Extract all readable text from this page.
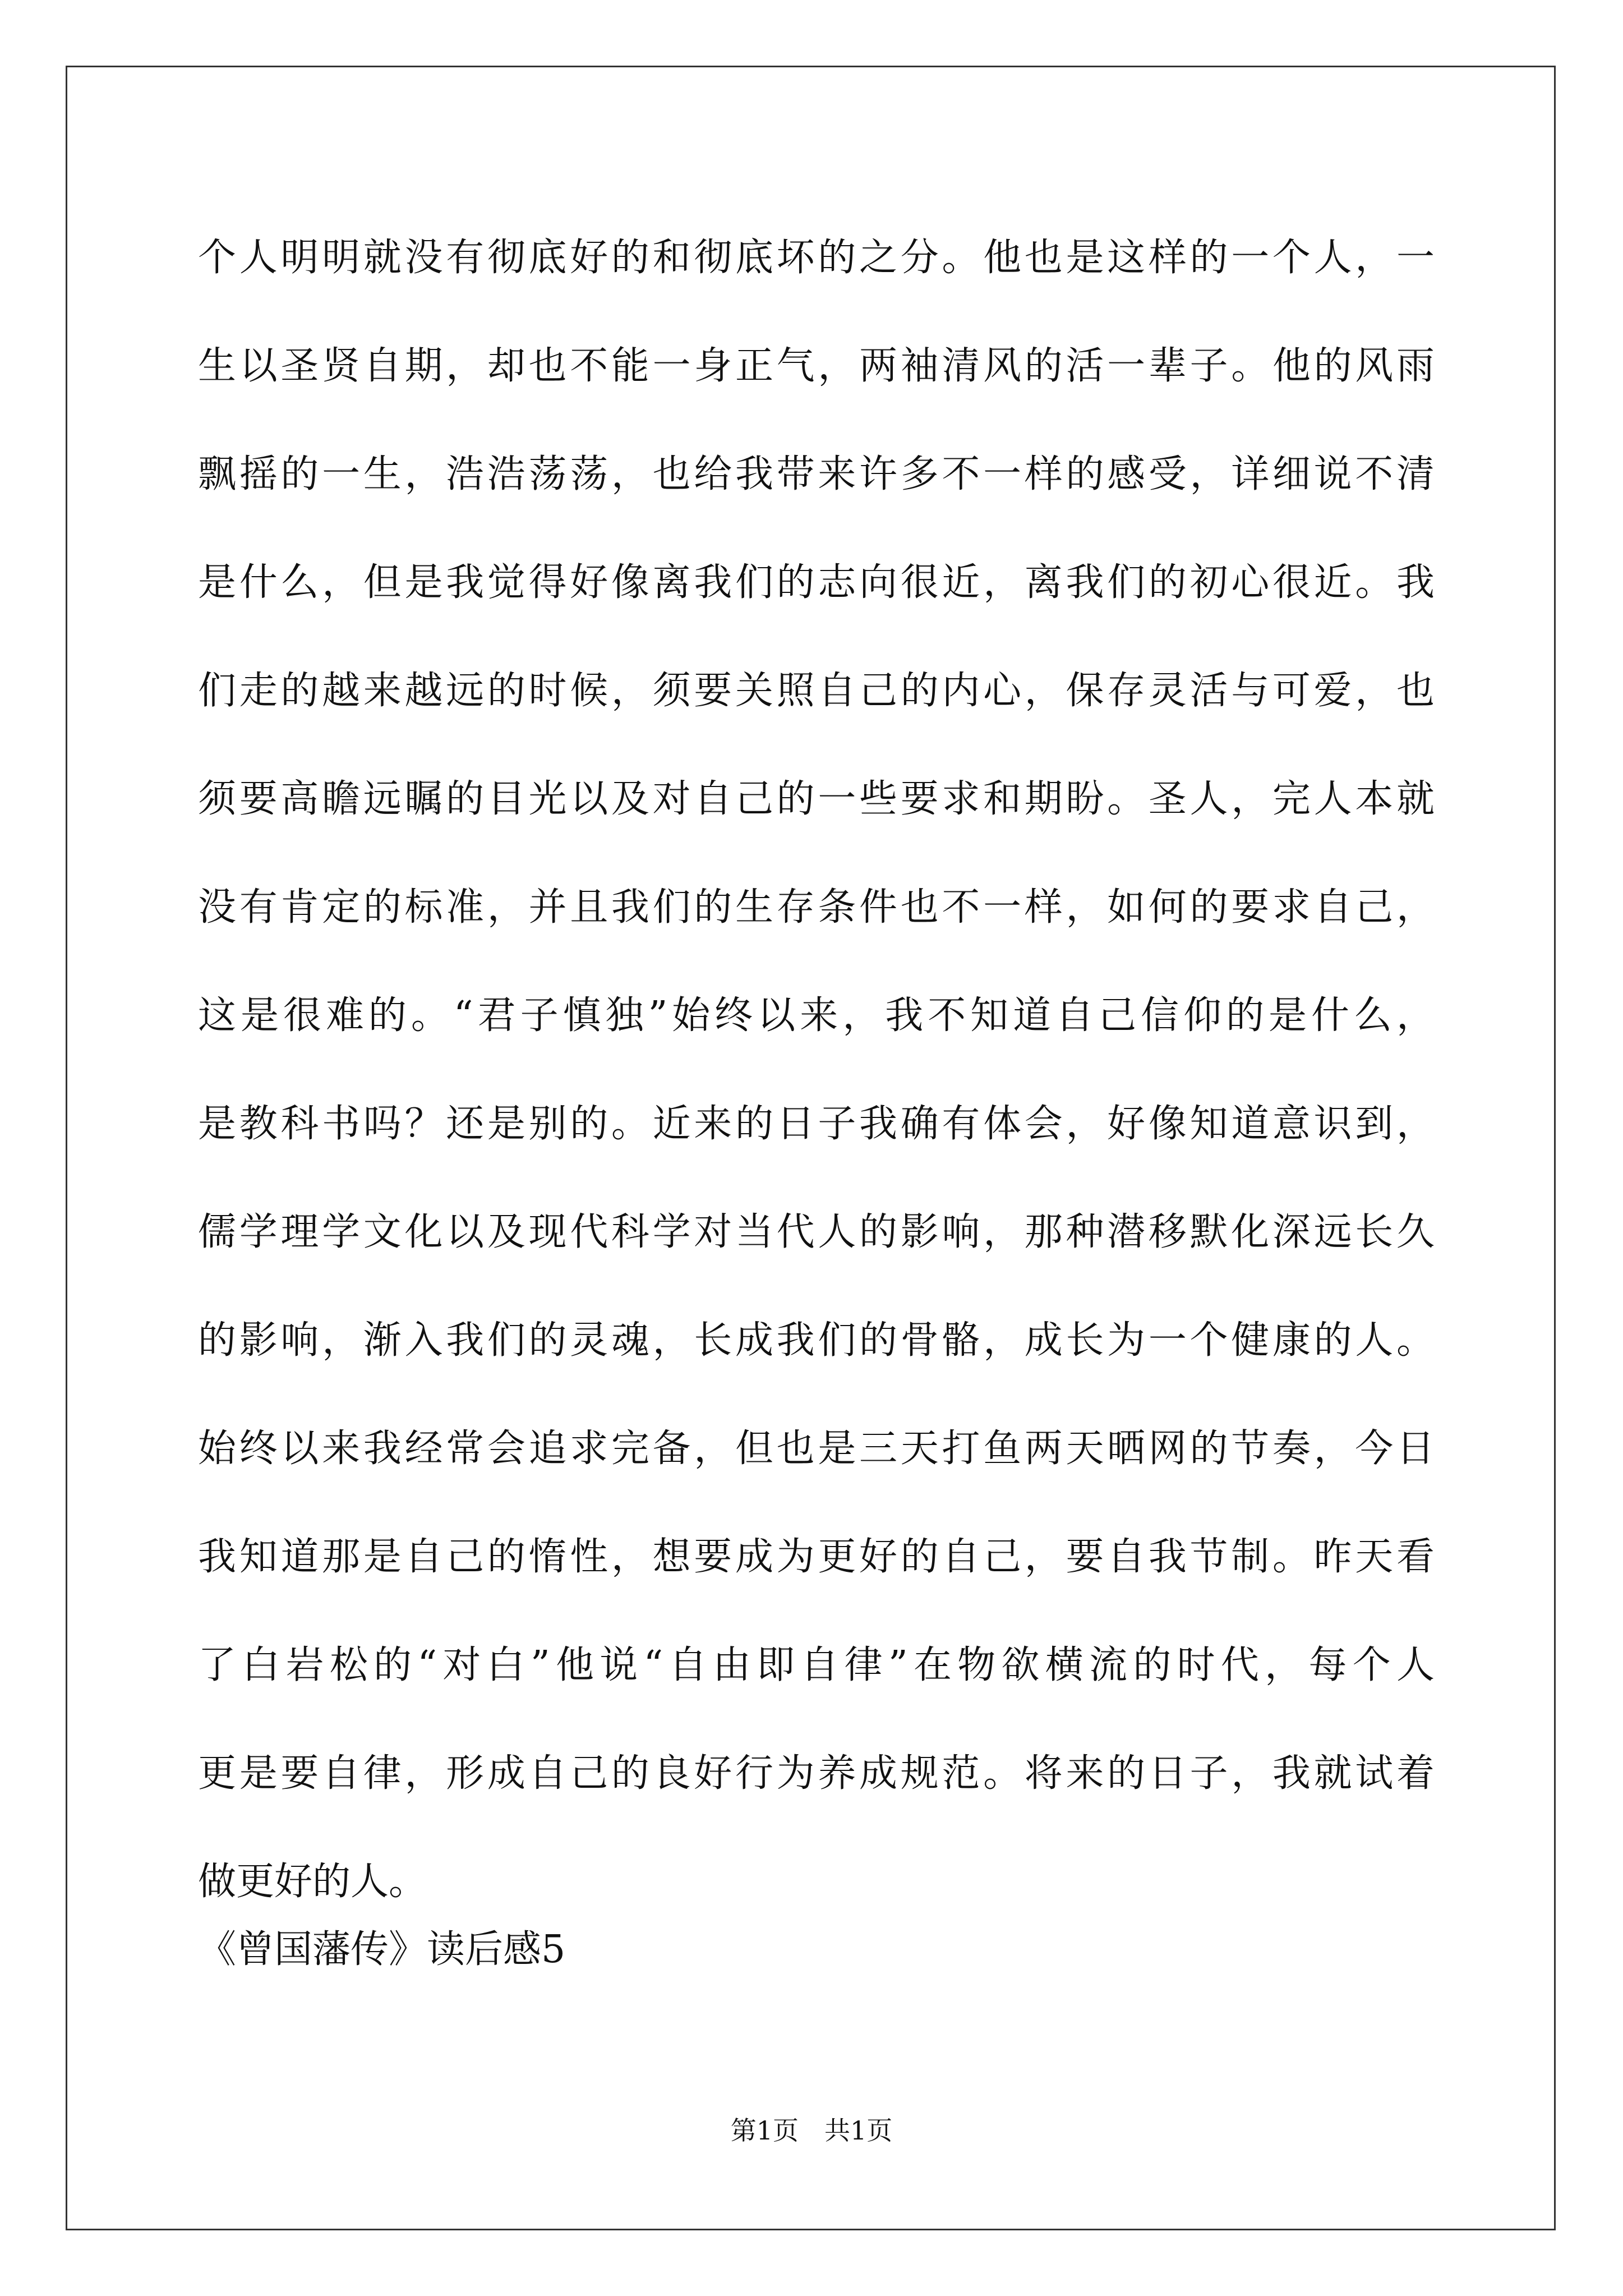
个人明明就没有彻底好的和彻底坏的之分。他也是这样的一个人，一
生以圣贤自期，却也不能一身正气，两袖清风的活一辈子。他的风雨
飘摇的一生，浩浩荡荡，也给我带来许多不一样的感受，详细说不清
是什么，但是我觉得好像离我们的志向很近，离我们的初心很近。我
们走的越来越远的时候，须要关照自己的内心，保存灵活与可爱，也
须要高瞻远瞩的目光以及对自己的一些要求和期盼。圣人，完人本就
没有肯定的标准，并且我们的生存条件也不一样，如何的要求自己，
这是很难的。“君子慎独”始终以来，我不知道自己信仰的是什么，
是教科书吗？还是别的。近来的日子我确有体会，好像知道意识到，
儒学理学文化以及现代科学对当代人的影响，那种潜移默化深远长久
的影响，渐入我们的灵魂，长成我们的骨骼，成长为一个健康的人。
始终以来我经常会追求完备，但也是三天打鱼两天晒网的节奏，今日
我知道那是自己的惰性，想要成为更好的自己，要自我节制。昨天看
了白岩松的“对白”他说“自由即自律”在物欲横流的时代，每个人
更是要自律，形成自己的良好行为养成规范。将来的日子，我就试着
做更好的人。
《曾国藩传》读后感5
第1页　共1页
